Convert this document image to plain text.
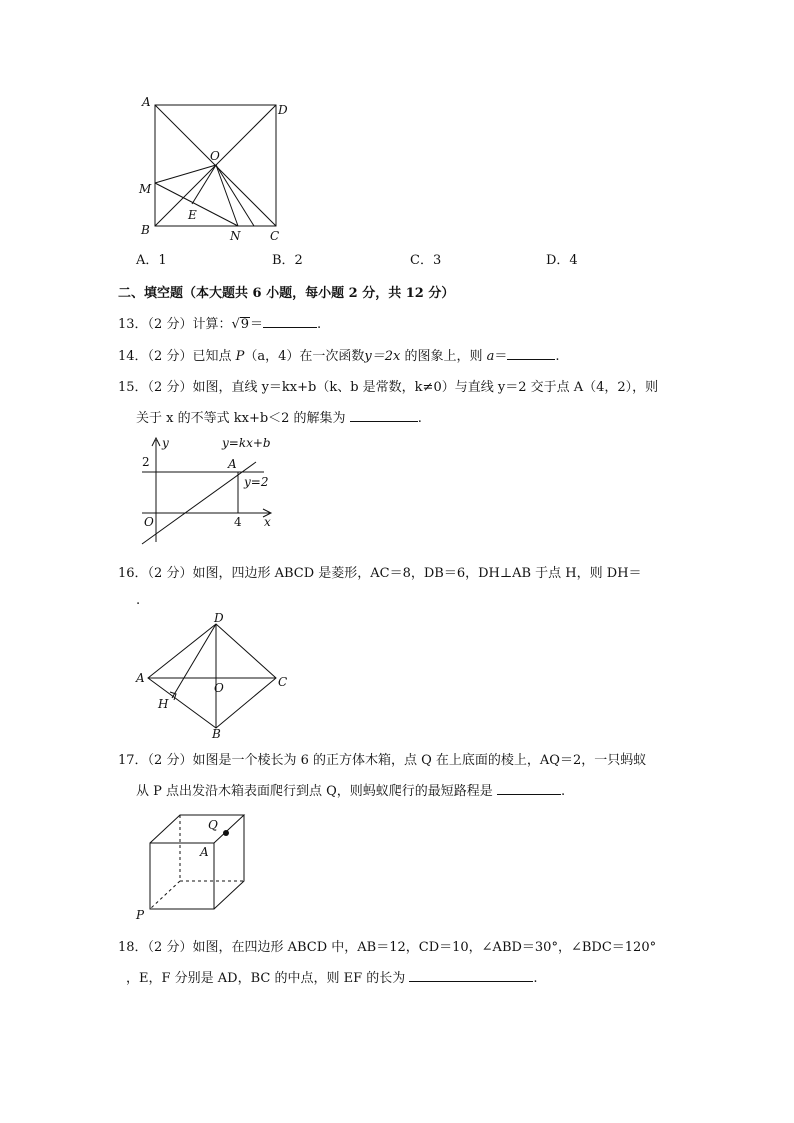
A
D
O
M
E
B	N C
A．1	B．2	C．3	D．4
二、填空题（本大题共 6 小题，每小题 2 分，共 12 分）
13．（2 分）计算：√9＝	.
14．（2 分）已知点 P（a，4）在一次函数y＝2x 的图象上，则 a＝	.
15．（2 分）如图，直线 y＝kx+b（k、b 是常数，k≠0）与直线 y＝2 交于点 A（4，2），则
关于 x 的不等式 kx+b＜2 的解集为	.
y	y=kx+b
2	A
y=2
O	4 x
16．（2 分）如图，四边形 ABCD 是菱形，AC＝8，DB＝6，DH⊥AB 于点 H，则 DH＝
.
D
A
O	C
H
B
17．（2 分）如图是一个棱长为 6 的正方体木箱，点 Q 在上底面的棱上，AQ＝2，一只蚂蚁
从 P 点出发沿木箱表面爬行到点 Q，则蚂蚁爬行的最短路程是	.
Q
A
P
18．（2 分）如图，在四边形 ABCD 中，AB＝12，CD＝10，∠ABD＝30°，∠BDC＝120°
，E，F 分别是 AD，BC 的中点，则 EF 的长为	.
